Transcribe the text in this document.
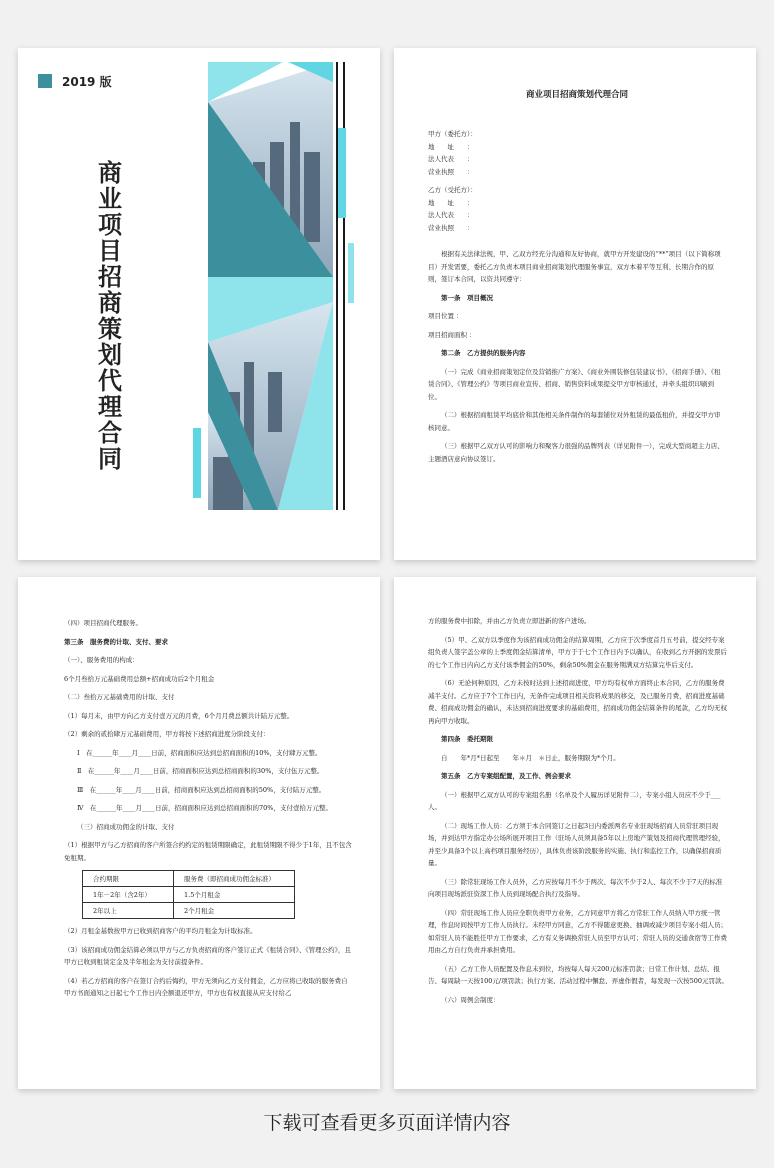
2019 版
商业项目招商策划代理合同

商业项目招商策划代理合同

甲方（委托方）：

地　　址　　：

法人代表　　：

营业执照　　：

乙方（受托方）：

地　　址　　：

法人代表　　：

营业执照　　：

根据有关法律法规，甲、乙双方经充分沟通和友好协商，就甲方开发建设的“**”项目（以下简称项目）开发需要，委托乙方负责本项目商业招商策划代理服务事宜，双方本着平等互利、长期合作的原则，签订本合同，以资共同遵守：

第一条　项目概况

项目位置 ：

项目招商面积 ：

第二条　乙方提供的服务内容

（一）完成《商业招商策划定位及营销推广方案》、《商业外围装修包装建议书》、《招商手册》、《租赁合同》、《管理公约》等项目商业宣传、招商、销售资料成果提交甲方审核通过，并牵头组织印刷到位。

（二）根据招商租赁平均底价和其他相关条件制作的每套铺位对外租赁的最低租价，并提交甲方审核同意。

（三）根据甲乙双方认可的影响力和聚客力很强的品牌列表（详见附件一），完成大型商超主力店、主题酒店意向协议签订。

（四）项目招商代理服务。

第三条　服务费的计取、支付、要求

（一）、服务费用的构成：

6个月叁拾万元基础费用总额+招商成功后2个月租金

（二）叁拾万元基础费用的计取、支付

（1）每月末，由甲方向乙方支付壹万元的月费，6个月月费总额共计陆万元整。

（2）剩余的贰拾肆万元基础费用，甲方将按下述招商进度分阶段支付：

Ⅰ　在______年____月____日前，招商面积应达到总招商面积的10%，支付肆万元整。

Ⅱ　在______年____月____日前，招商面积应达到总招商面积的30%，支付伍万元整。

Ⅲ　在______年____月____日前，招商面积应达到总招商面积的50%，支付陆万元整。

Ⅳ　在______年____月____日前，招商面积应达到总招商面积的70%，支付壹拾万元整。

（三）招商成功佣金的计取、支付

（1）根据甲方与乙方招商的客户所签合约约定的租赁期限确定，此租赁期限不得少于1年，且不包含免租期。

合约期限	服务费（即招商成功佣金标准）
1年－2年（含2年）	1.5个月租金
2年以上	2个月租金

（2）月租金基数按甲方已收到招商客户的平均月租金为计取标准。

（3）该招商成功佣金结算必须以甲方与乙方负责招商的客户签订正式《租赁合同》、《管理公约》，且甲方已收到租赁定金及半年租金为支付前提条件。

（4）若乙方招商的客户在签订合约后悔约，甲方无须向乙方支付佣金，乙方应将已收取的服务费自甲方书面通知之日起七个工作日内全额退还甲方，甲方也有权直接从应支付给乙

方的服务费中扣除，并由乙方负责立即进新的客户进场。

（5）甲、乙双方以季度作为该招商成功佣金的结算周期，乙方应于次季度首月五号前，提交经专案组负责人签字盖公章的上季度佣金结算清单，甲方于于七个工作日内予以确认，在收到乙方开据的发票后的七个工作日内向乙方支付该季佣金的50%，剩余50%佣金在服务期满双方结算完毕后支付。

（6）无论何种原因，乙方未按时达到上述招商进度，甲方均有权单方面终止本合同，乙方的服务费减半支付。乙方应于7个工作日内，无条件完成项目相关资料成果的移交，及已服务月费，招商进度基础费、招商成功佣金的确认，未达到招商进度要求的基础费用，招商成功佣金结算条件的尾款，乙方均无权再向甲方收取。

第四条　委托期限

自　　年*月*日起至　　年＊月　＊日止，服务期限为*个月。

第五条　乙方专案组配置，及工作、例会要求

（一）根据甲乙双方认可的专案组名册（名单及个人履历详见附件二），专案小组人员应不少于___人。

（二）现场工作人员：乙方须于本合同签订之日起3日内委派两名专业驻现场招商人员常驻项目现场，并到达甲方指定办公场所展开项目工作（驻场人员须具备5年以上房地产策划及招商代理管理经验，并至少具备3个以上高档项目服务经历），具体负责该阶段服务的实施、执行和监控工作，以确保招商质量。

（三）除常驻现场工作人员外，乙方应按每月不少于两次、每次不少于2人、每次不少于7天的标准向项目现场派驻资深工作人员到现场配合执行及指导。

（四）常驻现场工作人员应全职负责甲方业务，乙方同意甲方将乙方常驻工作人员纳入甲方统一管理，作息时间按甲方工作人员执行。未经甲方同意，乙方不得随意更换、抽调或减少项目专案小组人员；如常驻人员不能胜任甲方工作要求，乙方有义务调换常驻人员至甲方认可；常驻人员的交通食宿等工作费用由乙方自行负责并承担费用。

（五）乙方工作人员配置及作息未到位，均按每人每天200元标准罚款；日常工作计划、总结、报告、每周缺一天按100元/项罚款；执行方案、活动过程中懈怠、弄虚作假者，每发现一次按500元罚款。

（六）周例会制度：

下载可查看更多页面详情内容
